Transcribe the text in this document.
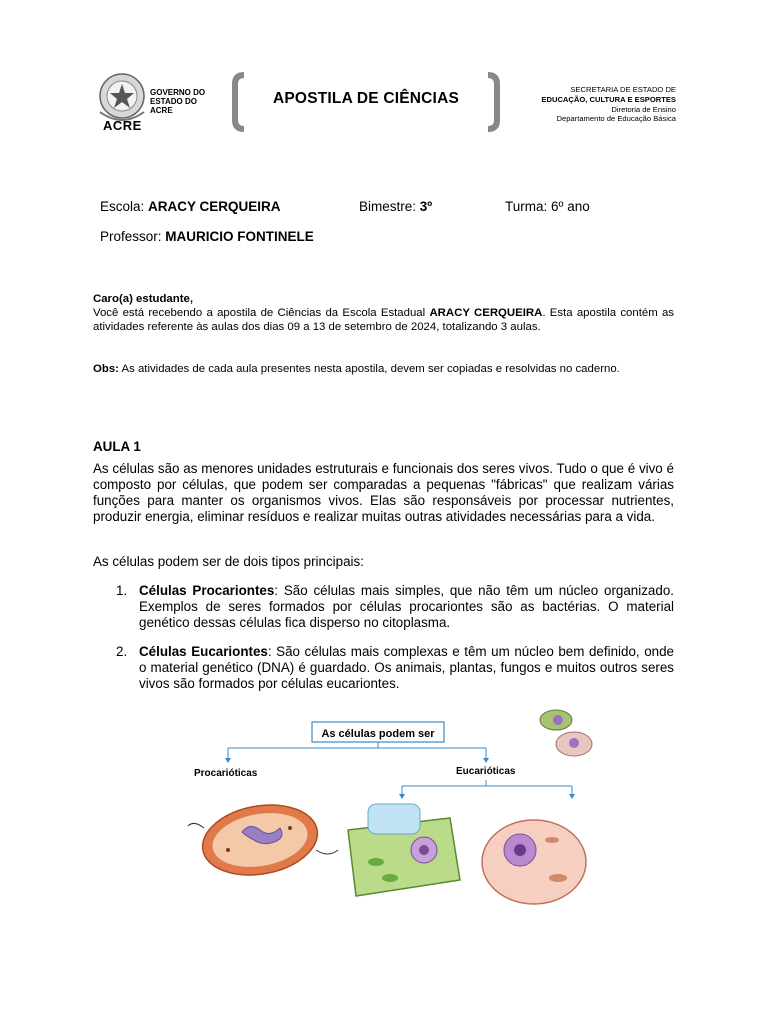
ACRE
GOVERNO DO
ESTADO DO
ACRE
APOSTILA DE CIÊNCIAS
SECRETARIA DE ESTADO DE
EDUCAÇÃO, CULTURA E ESPORTES
Diretoria de Ensino
Departamento de Educação Básica
Escola: ARACY CERQUEIRA	Bimestre: 3º	Turma: 6º ano
Professor: MAURICIO FONTINELE
Caro(a) estudante,
Você está recebendo a apostila de Ciências da Escola Estadual ARACY CERQUEIRA. Esta apostila contém as atividades referente às aulas dos dias 09 a 13 de setembro de 2024, totalizando 3 aulas.
Obs: As atividades de cada aula presentes nesta apostila, devem ser copiadas e resolvidas no caderno.
AULA 1
As células são as menores unidades estruturais e funcionais dos seres vivos. Tudo o que é vivo é composto por células, que podem ser comparadas a pequenas "fábricas" que realizam várias funções para manter os organismos vivos. Elas são responsáveis por processar nutrientes, produzir energia, eliminar resíduos e realizar muitas outras atividades necessárias para a vida.
As células podem ser de dois tipos principais:
1. Células Procariontes: São células mais simples, que não têm um núcleo organizado. Exemplos de seres formados por células procariontes são as bactérias. O material genético dessas células fica disperso no citoplasma.
2. Células Eucariontes: São células mais complexas e têm um núcleo bem definido, onde o material genético (DNA) é guardado. Os animais, plantas, fungos e muitos outros seres vivos são formados por células eucariontes.
As células podem ser
Procarióticas	Eucarióticas
